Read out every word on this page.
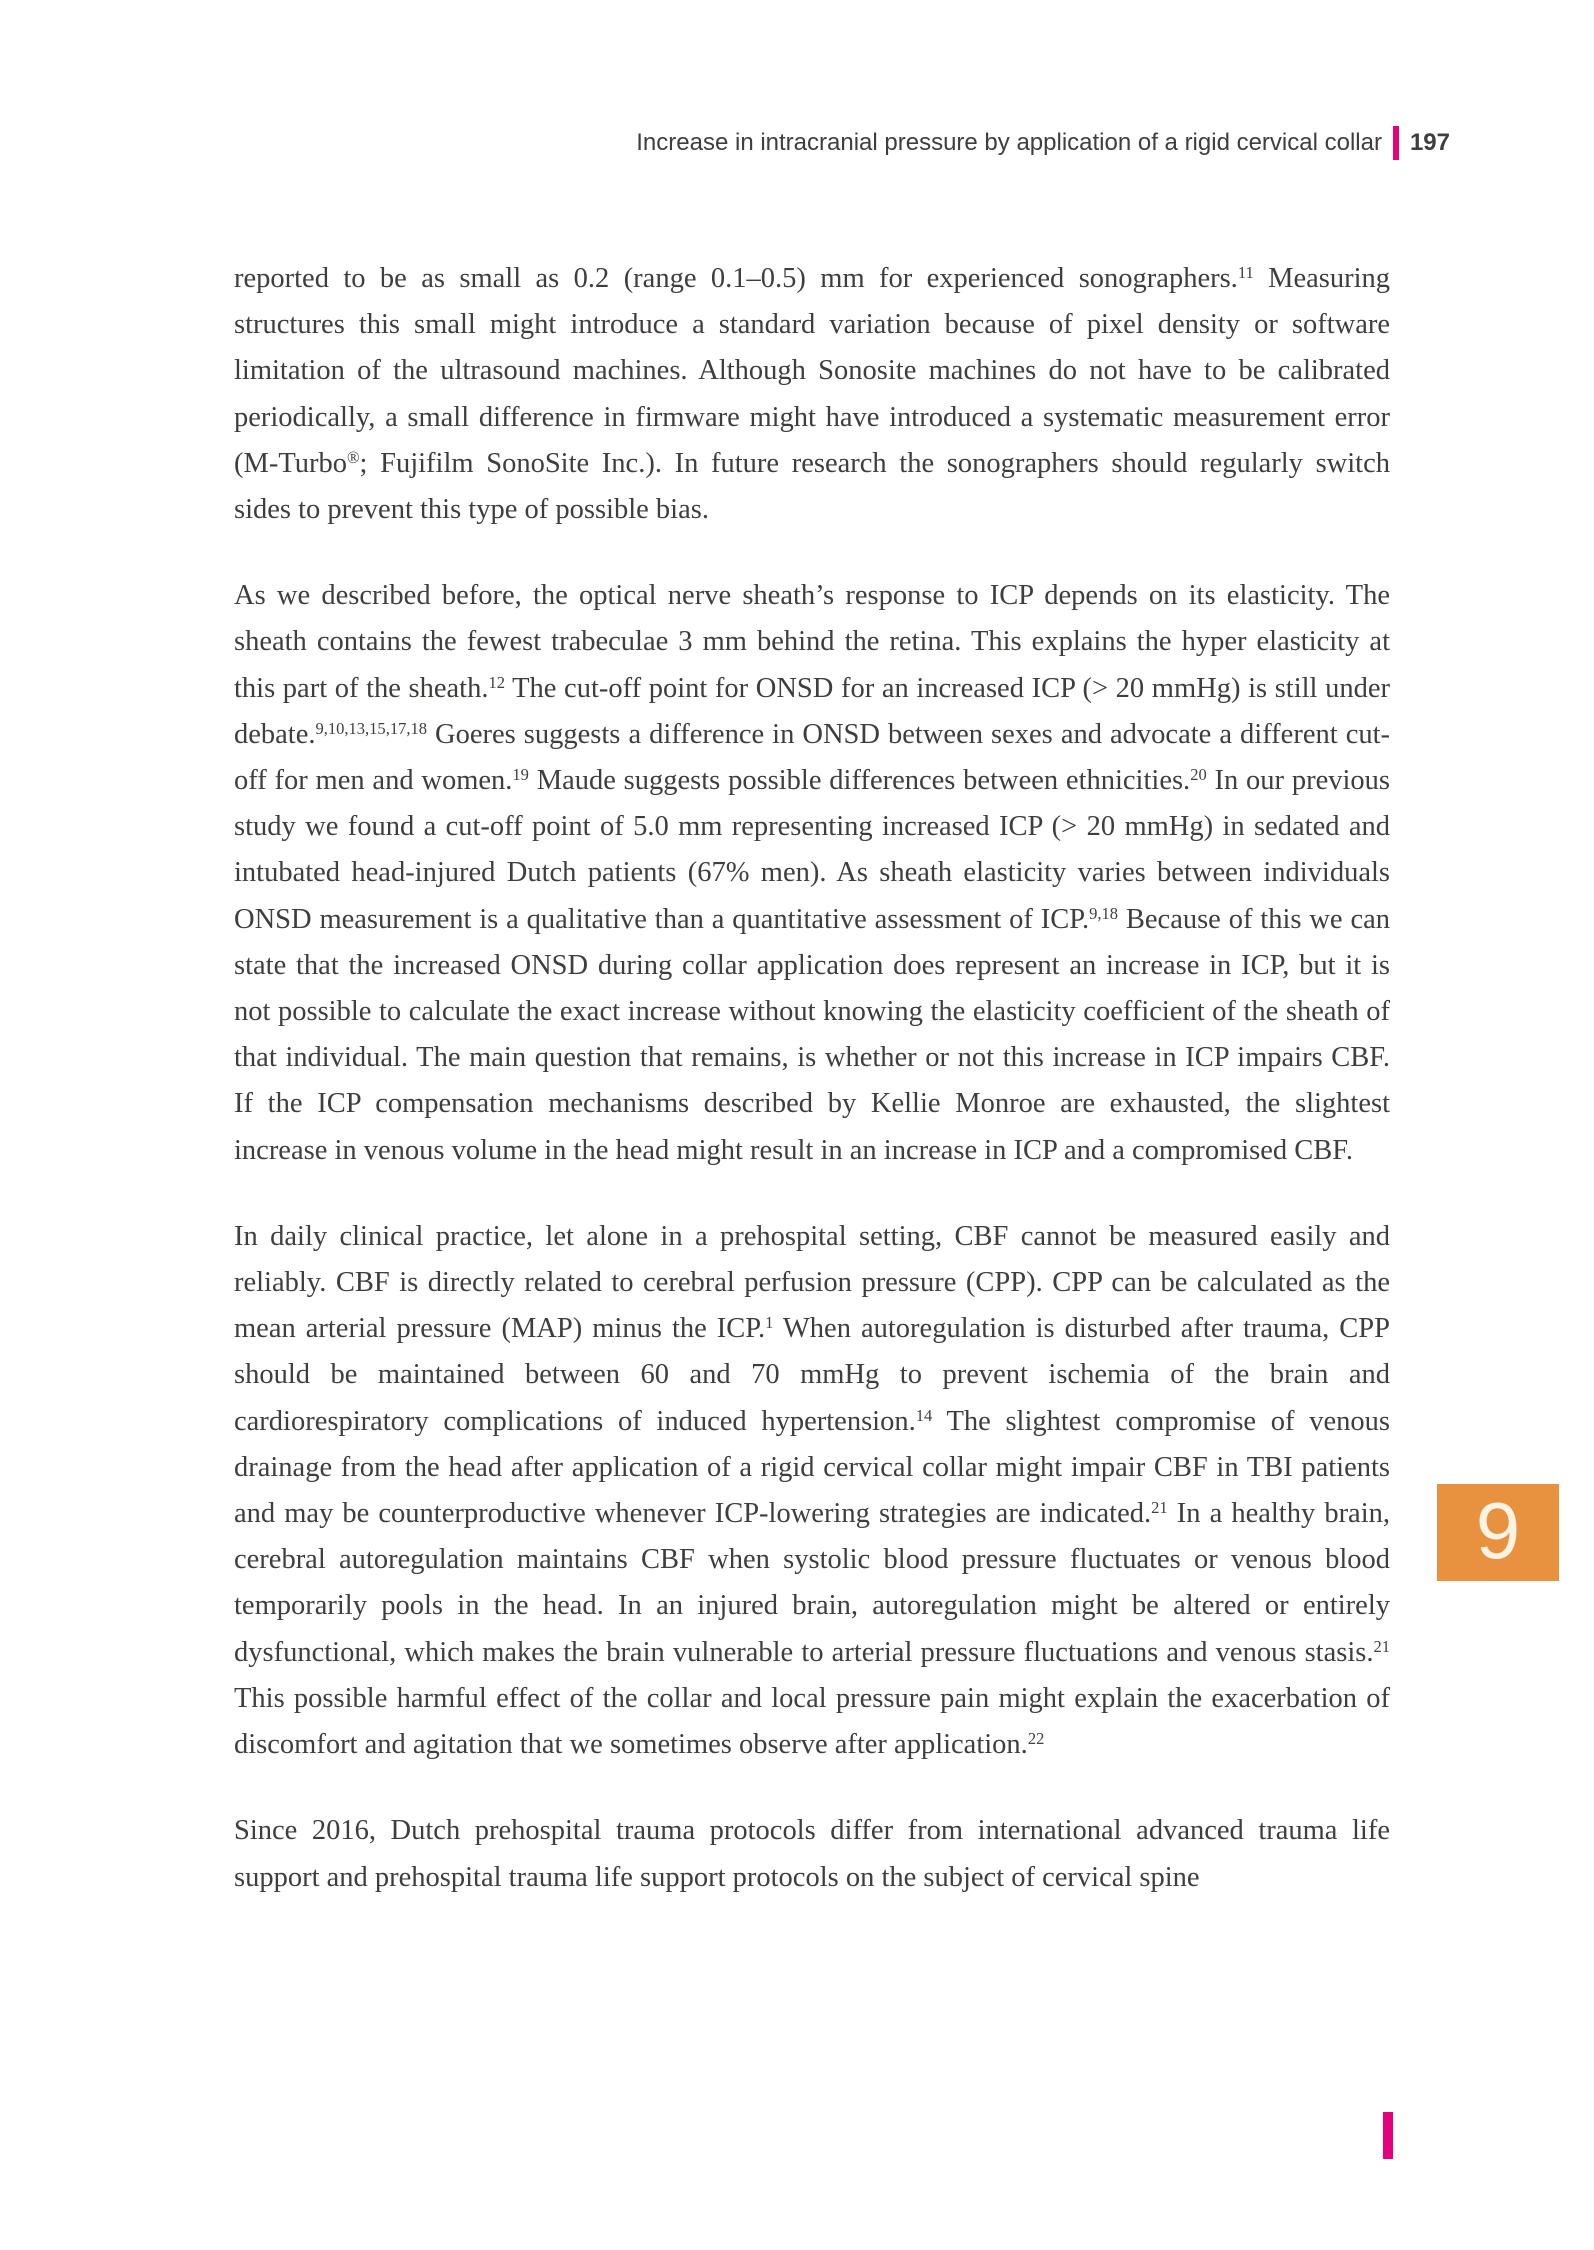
Increase in intracranial pressure by application of a rigid cervical collar 197

reported to be as small as 0.2 (range 0.1–0.5) mm for experienced sonographers.$^{11}$ Measuring structures this small might introduce a standard variation because of pixel density or software limitation of the ultrasound machines. Although Sonosite machines do not have to be calibrated periodically, a small difference in firmware might have introduced a systematic measurement error (M-Turbo®; Fujifilm SonoSite Inc.). In future research the sonographers should regularly switch sides to prevent this type of possible bias.

As we described before, the optical nerve sheath’s response to ICP depends on its elasticity. The sheath contains the fewest trabeculae 3 mm behind the retina. This explains the hyper elasticity at this part of the sheath.$^{12}$ The cut-off point for ONSD for an increased ICP (> 20 mmHg) is still under debate.$^{9,10,13,15,17,18}$ Goeres suggests a difference in ONSD between sexes and advocate a different cut-off for men and women.$^{19}$ Maude suggests possible differences between ethnicities.$^{20}$ In our previous study we found a cut-off point of 5.0 mm representing increased ICP (> 20 mmHg) in sedated and intubated head-injured Dutch patients (67% men). As sheath elasticity varies between individuals ONSD measurement is a qualitative than a quantitative assessment of ICP.$^{9,18}$ Because of this we can state that the increased ONSD during collar application does represent an increase in ICP, but it is not possible to calculate the exact increase without knowing the elasticity coefficient of the sheath of that individual. The main question that remains, is whether or not this increase in ICP impairs CBF. If the ICP compensation mechanisms described by Kellie Monroe are exhausted, the slightest increase in venous volume in the head might result in an increase in ICP and a compromised CBF.

In daily clinical practice, let alone in a prehospital setting, CBF cannot be measured easily and reliably. CBF is directly related to cerebral perfusion pressure (CPP). CPP can be calculated as the mean arterial pressure (MAP) minus the ICP.$^1$ When autoregulation is disturbed after trauma, CPP should be maintained between 60 and 70 mmHg to prevent ischemia of the brain and cardiorespiratory complications of induced hypertension.$^{14}$ The slightest compromise of venous drainage from the head after application of a rigid cervical collar might impair CBF in TBI patients and may be counterproductive whenever ICP-lowering strategies are indicated.$^{21}$ In a healthy brain, cerebral autoregulation maintains CBF when systolic blood pressure fluctuates or venous blood temporarily pools in the head. In an injured brain, autoregulation might be altered or entirely dysfunctional, which makes the brain vulnerable to arterial pressure fluctuations and venous stasis.$^{21}$ This possible harmful effect of the collar and local pressure pain might explain the exacerbation of discomfort and agitation that we sometimes observe after application.$^{22}$

Since 2016, Dutch prehospital trauma protocols differ from international advanced trauma life support and prehospital trauma life support protocols on the subject of cervical spine

9
